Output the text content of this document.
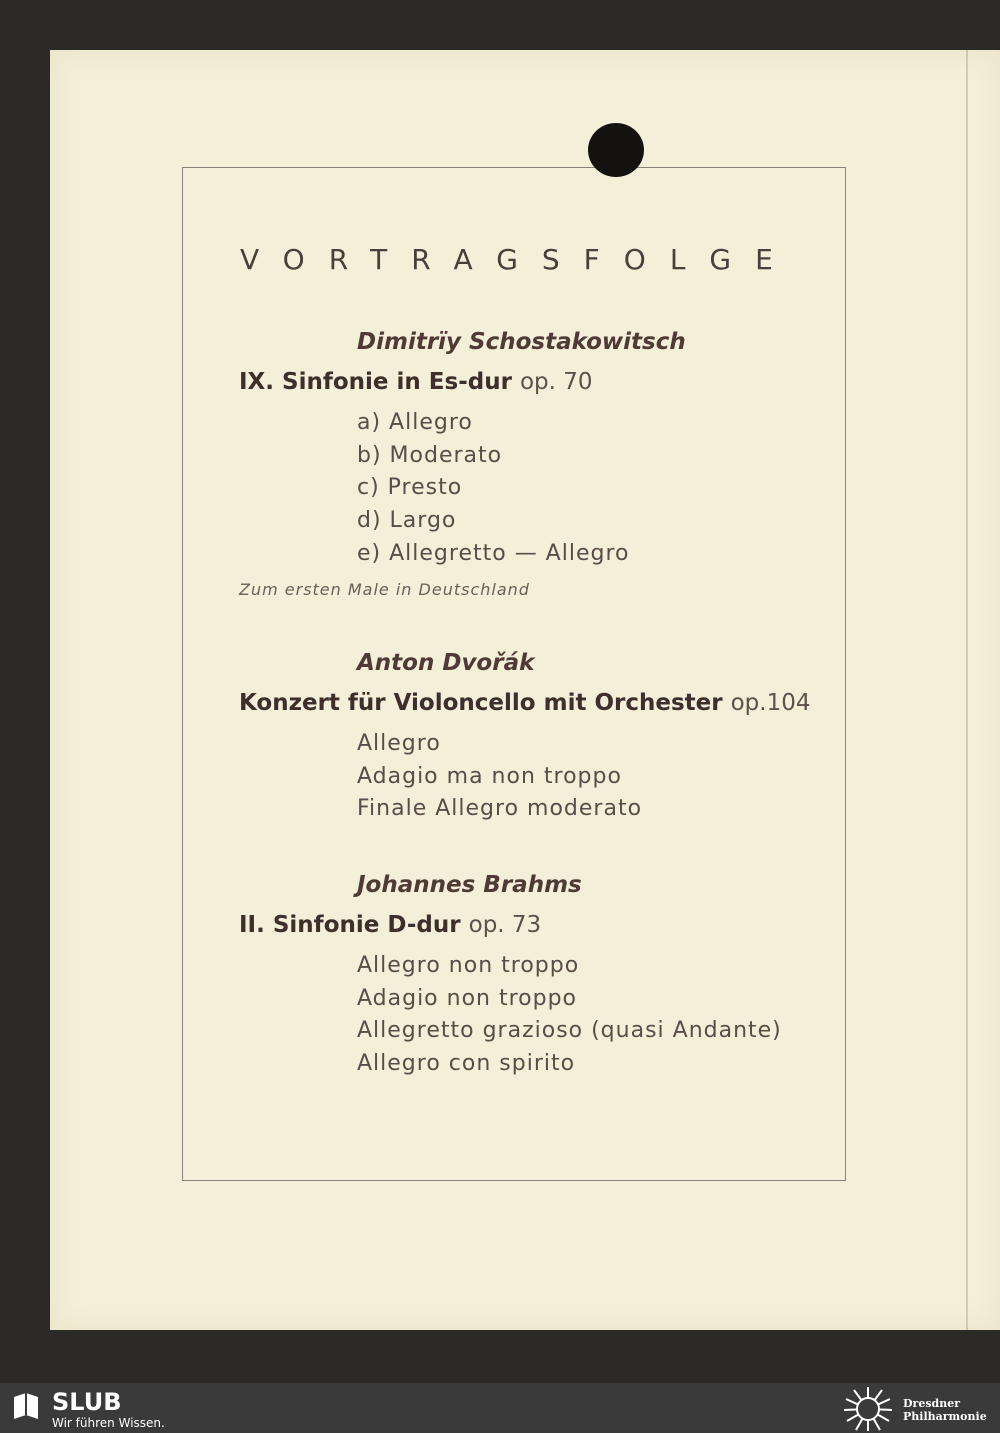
VORTRAGSFOLGE
Dimitrïy Schostakowitsch
IX. Sinfonie in Es-dur op. 70
a) Allegro
b) Moderato
c) Presto
d) Largo
e) Allegretto — Allegro
Zum ersten Male in Deutschland
Anton Dvořák
Konzert für Violoncello mit Orchester op.104
Allegro
Adagio ma non troppo
Finale Allegro moderato
Johannes Brahms
II. Sinfonie D-dur op. 73
Allegro non troppo
Adagio non troppo
Allegretto grazioso (quasi Andante)
Allegro con spirito
SLUB
Wir führen Wissen.
Dresdner
Philharmonie
